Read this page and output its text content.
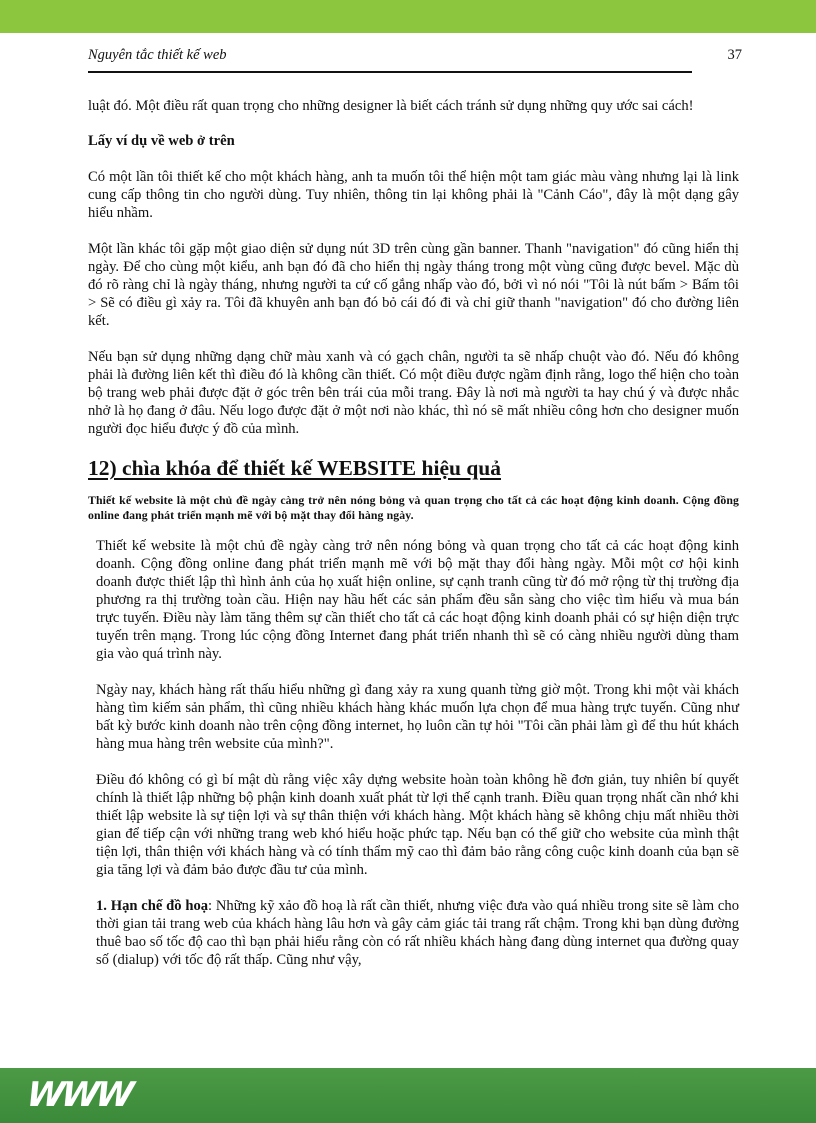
Nguyên tắc thiết kế web	37

luật đó. Một điều rất quan trọng cho những designer là biết cách tránh sử dụng những quy ước sai cách!

Lấy ví dụ về web ở trên

Có một lần tôi thiết kế cho một khách hàng, anh ta muốn tôi thể hiện một tam giác màu vàng nhưng lại là link cung cấp thông tin cho người dùng. Tuy nhiên, thông tin lại không phải là "Cảnh Cáo", đây là một dạng gây hiểu nhầm.

Một lần khác tôi gặp một giao diện sử dụng nút 3D trên cùng gần banner. Thanh "navigation" đó cũng hiển thị ngày. Để cho cùng một kiểu, anh bạn đó đã cho hiển thị ngày tháng trong một vùng cũng được bevel. Mặc dù đó rõ ràng chỉ là ngày tháng, nhưng người ta cứ cố gắng nhấp vào đó, bởi vì nó nói "Tôi là nút bấm > Bấm tôi > Sẽ có điều gì xảy ra. Tôi đã khuyên anh bạn đó bỏ cái đó đi và chỉ giữ thanh "navigation" đó cho đường liên kết.

Nếu bạn sử dụng những dạng chữ màu xanh và có gạch chân, người ta sẽ nhấp chuột vào đó. Nếu đó không phải là đường liên kết thì điều đó là không cần thiết. Có một điều được ngầm định rằng, logo thể hiện cho toàn bộ trang web phải được đặt ở góc trên bên trái của mỗi trang. Đây là nơi mà người ta hay chú ý và được nhắc nhở là họ đang ở đâu. Nếu logo được đặt ở một nơi nào khác, thì nó sẽ mất nhiều công hơn cho designer muốn người đọc hiểu được ý đồ của mình.

12) chìa khóa để thiết kế WEBSITE hiệu quả

Thiết kế website là một chủ đề ngày càng trở nên nóng bỏng và quan trọng cho tất cả các hoạt động kinh doanh. Cộng đồng online đang phát triển mạnh mẽ với bộ mặt thay đổi hàng ngày.

Thiết kế website là một chủ đề ngày càng trở nên nóng bỏng và quan trọng cho tất cả các hoạt động kinh doanh. Cộng đồng online đang phát triển mạnh mẽ với bộ mặt thay đổi hàng ngày. Mỗi một cơ hội kinh doanh được thiết lập thì hình ảnh của họ xuất hiện online, sự cạnh tranh cũng từ đó mở rộng từ thị trường địa phương ra thị trường toàn cầu. Hiện nay hầu hết các sản phẩm đều sẵn sàng cho việc tìm hiểu và mua bán trực tuyến. Điều này làm tăng thêm sự cần thiết cho tất cả các hoạt động kinh doanh phải có sự hiện diện trực tuyến trên mạng. Trong lúc cộng đồng Internet đang phát triển nhanh thì sẽ có càng nhiều người dùng tham gia vào quá trình này.

Ngày nay, khách hàng rất thấu hiểu những gì đang xảy ra xung quanh từng giờ một. Trong khi một vài khách hàng tìm kiếm sản phẩm, thì cũng nhiều khách hàng khác muốn lựa chọn để mua hàng trực tuyến. Cũng như bất kỳ bước kinh doanh nào trên cộng đồng internet, họ luôn cần tự hỏi "Tôi cần phải làm gì để thu hút khách hàng mua hàng trên website của mình?".

Điều đó không có gì bí mật dù rằng việc xây dựng website hoàn toàn không hề đơn giản, tuy nhiên bí quyết chính là thiết lập những bộ phận kinh doanh xuất phát từ lợi thế cạnh tranh. Điều quan trọng nhất cần nhớ khi thiết lập website là sự tiện lợi và sự thân thiện với khách hàng. Một khách hàng sẽ không chịu mất nhiều thời gian để tiếp cận với những trang web khó hiểu hoặc phức tạp. Nếu bạn có thể giữ cho website của mình thật tiện lợi, thân thiện với khách hàng và có tính thẩm mỹ cao thì đảm bảo rằng công cuộc kinh doanh của bạn sẽ gia tăng lợi và đảm bảo được đầu tư của mình.

1. Hạn chế đồ hoạ: Những kỹ xảo đồ hoạ là rất cần thiết, nhưng việc đưa vào quá nhiều trong site sẽ làm cho thời gian tải trang web của khách hàng lâu hơn và gây cảm giác tải trang rất chậm. Trong khi bạn dùng đường thuê bao số tốc độ cao thì bạn phải hiểu rằng còn có rất nhiều khách hàng đang dùng internet qua đường quay số (dialup) với tốc độ rất thấp. Cũng như vậy,

WWW
